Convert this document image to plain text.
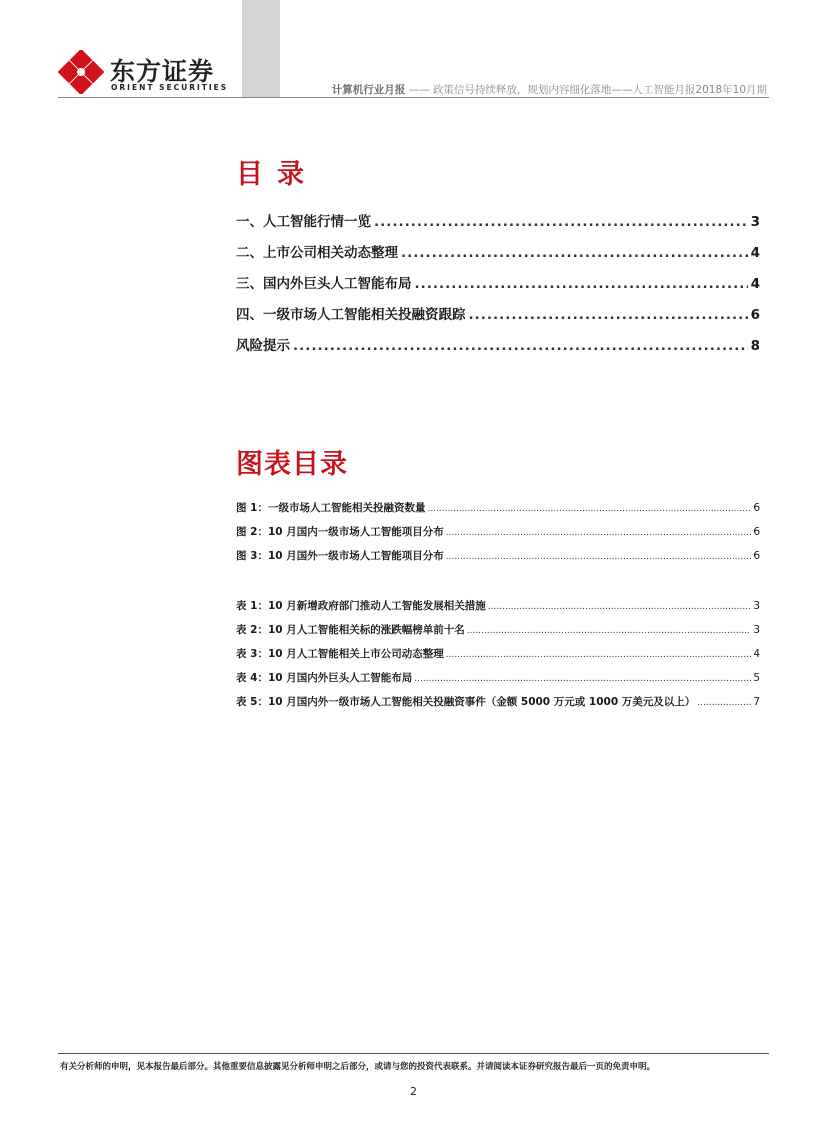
东方证券
ORIENT SECURITIES	计算机行业月报 —— 政策信号持续释放，规划内容细化落地——人工智能月报2018年10月期
目录
一、人工智能行情一览 .....	3
二、上市公司相关动态整理 .....	4
三、国内外巨头人工智能布局 .....	4
四、一级市场人工智能相关投融资跟踪 .....	6
风险提示 .....	8
图表目录
图 1：一级市场人工智能相关投融资数量 .....	6
图 2：10 月国内一级市场人工智能项目分布 .....	6
图 3：10 月国外一级市场人工智能项目分布 .....	6
表 1：10 月新增政府部门推动人工智能发展相关措施 .....	3
表 2：10 月人工智能相关标的涨跌幅榜单前十名 .....	3
表 3：10 月人工智能相关上市公司动态整理 .....	4
表 4：10 月国内外巨头人工智能布局 .....	5
表 5：10 月国内外一级市场人工智能相关投融资事件（金额 5000 万元或 1000 万美元及以上） .....	7
有关分析师的申明，见本报告最后部分。其他重要信息披露见分析师申明之后部分，或请与您的投资代表联系。并请阅读本证券研究报告最后一页的免责申明。
2
